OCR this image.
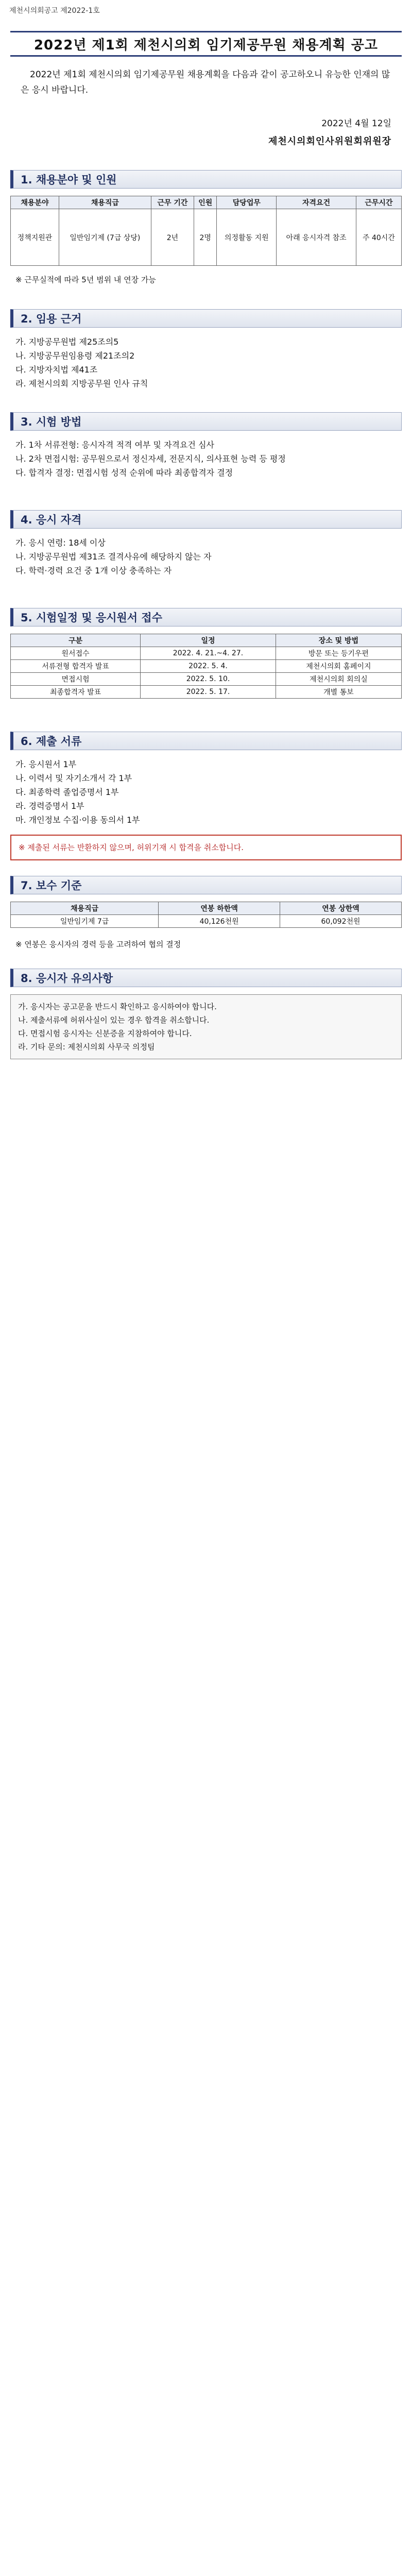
제천시의회공고 제2022-1호
2022년 제1회 제천시의회 임기제공무원 채용계획 공고
2022년 제1회 제천시의회 임기제공무원 채용계획을 다음과 같이 공고하오니 유능한 인재의 많은 응시 바랍니다.
2022년 4월 12일
제천시의회인사위원회위원장
1. 채용분야 및 인원
채용분야	채용직급	근무 기간	인원	담당업무	자격요건	근무시간
정책지원관	일반임기제 (7급 상당)	2년	2명	의정활동 지원	아래 응시자격 참조	주 40시간
※ 근무실적에 따라 5년 범위 내 연장 가능
2. 임용 근거

가. 지방공무원법 제25조의5

나. 지방공무원임용령 제21조의2

다. 지방자치법 제41조

라. 제천시의회 지방공무원 인사 규칙

3. 시험 방법

가. 1차 서류전형: 응시자격 적격 여부 및 자격요건 심사

나. 2차 면접시험: 공무원으로서 정신자세, 전문지식, 의사표현 능력 등 평정

다. 합격자 결정: 면접시험 성적 순위에 따라 최종합격자 결정

4. 응시 자격

가. 응시 연령: 18세 이상

나. 지방공무원법 제31조 결격사유에 해당하지 않는 자

다. 학력·경력 요건 중 1개 이상 충족하는 자

5. 시험일정 및 응시원서 접수
구분	일정	장소 및 방법
원서접수	2022. 4. 21.~4. 27.	방문 또는 등기우편
서류전형 합격자 발표	2022. 5. 4.	제천시의회 홈페이지
면접시험	2022. 5. 10.	제천시의회 회의실
최종합격자 발표	2022. 5. 17.	개별 통보
6. 제출 서류

가. 응시원서 1부

나. 이력서 및 자기소개서 각 1부

다. 최종학력 졸업증명서 1부

라. 경력증명서 1부

마. 개인정보 수집·이용 동의서 1부

※ 제출된 서류는 반환하지 않으며, 허위기재 시 합격을 취소합니다.
7. 보수 기준
채용직급	연봉 하한액	연봉 상한액
일반임기제 7급	40,126천원	60,092천원
※ 연봉은 응시자의 경력 등을 고려하여 협의 결정
8. 응시자 유의사항

가. 응시자는 공고문을 반드시 확인하고 응시하여야 합니다.

나. 제출서류에 허위사실이 있는 경우 합격을 취소합니다.

다. 면접시험 응시자는 신분증을 지참하여야 합니다.

라. 기타 문의: 제천시의회 사무국 의정팀
